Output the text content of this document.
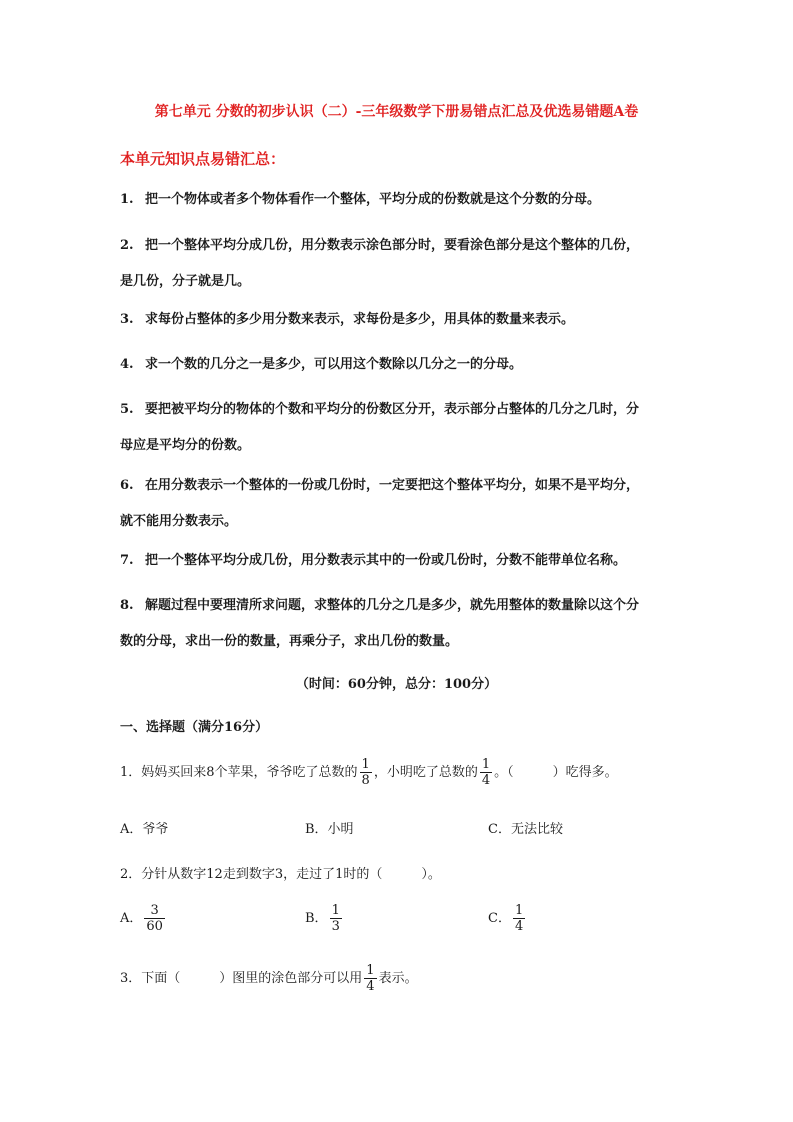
第七单元 分数的初步认识（二）-三年级数学下册易错点汇总及优选易错题A卷
本单元知识点易错汇总：
1. 把一个物体或者多个物体看作一个整体，平均分成的份数就是这个分数的分母。
2. 把一个整体平均分成几份，用分数表示涂色部分时，要看涂色部分是这个整体的几份，
是几份，分子就是几。
3. 求每份占整体的多少用分数来表示，求每份是多少，用具体的数量来表示。
4. 求一个数的几分之一是多少，可以用这个数除以几分之一的分母。
5. 要把被平均分的物体的个数和平均分的份数区分开，表示部分占整体的几分之几时，分
母应是平均分的份数。
6. 在用分数表示一个整体的一份或几份时，一定要把这个整体平均分，如果不是平均分，
就不能用分数表示。
7. 把一个整体平均分成几份，用分数表示其中的一份或几份时，分数不能带单位名称。
8. 解题过程中要理清所求问题，求整体的几分之几是多少，就先用整体的数量除以这个分
数的分母，求出一份的数量，再乘分子，求出几份的数量。
（时间：60分钟，总分：100分）
一、选择题（满分16分）
1．妈妈买回来8个苹果，爷爷吃了总数的 $\frac{1}{8}$ ，小明吃了总数的 $\frac{1}{4}$ 。（　　　）吃得多。
A．爷爷	B．小明	C．无法比较
2．分针从数字12走到数字3，走过了1时的（　　　）。
A． $\frac{3}{60}$	B． $\frac{1}{3}$	C． $\frac{1}{4}$
3．下面（　　　）图里的涂色部分可以用 $\frac{1}{4}$ 表示。
